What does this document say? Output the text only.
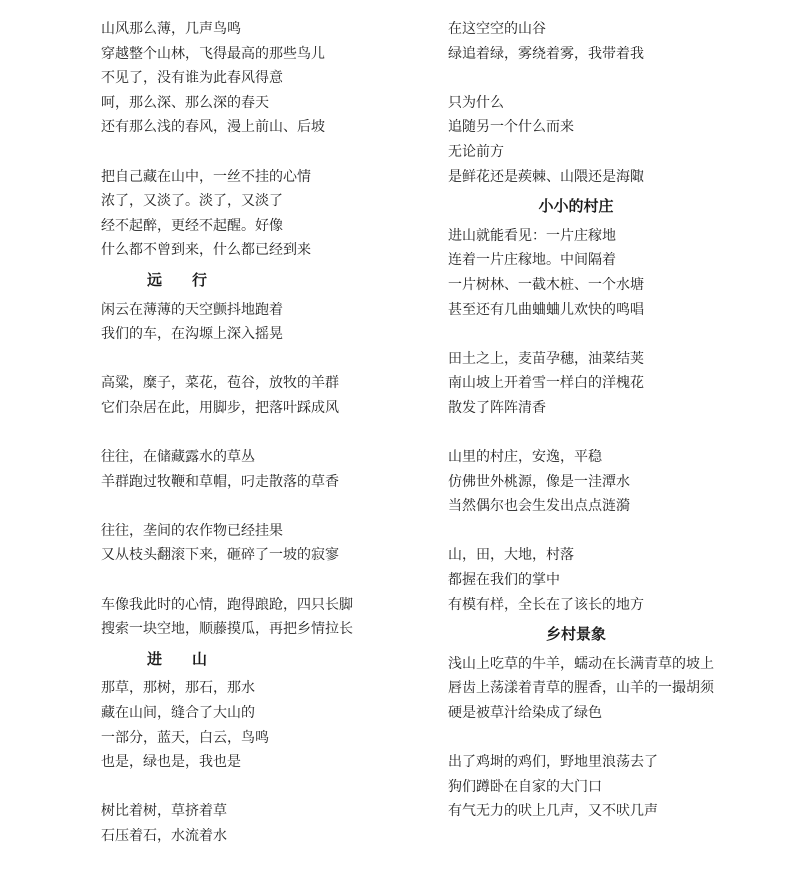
山风那么薄，几声鸟鸣
穿越整个山林，飞得最高的那些鸟儿
不见了，没有谁为此春风得意
呵，那么深、那么深的春天
还有那么浅的春风，漫上前山、后坡
把自己藏在山中，一丝不挂的心情
浓了，又淡了。淡了，又淡了
经不起醉，更经不起醒。好像
什么都不曾到来，什么都已经到来
远　　行
闲云在薄薄的天空颤抖地跑着
我们的车，在沟塬上深入摇晃
高粱，糜子，菜花，苞谷，放牧的羊群
它们杂居在此，用脚步，把落叶踩成风
往往，在储藏露水的草丛
羊群跑过牧鞭和草帽，叼走散落的草香
往往，垄间的农作物已经挂果
又从枝头翻滚下来，砸碎了一坡的寂寥
车像我此时的心情，跑得踉跄，四只长脚
搜索一块空地，顺藤摸瓜，再把乡情拉长
进　　山
那草，那树，那石，那水
藏在山间，缝合了大山的
一部分，蓝天，白云，鸟鸣
也是，绿也是，我也是
树比着树，草挤着草
石压着石，水流着水
在这空空的山谷
绿追着绿，雾绕着雾，我带着我
只为什么
追随另一个什么而来
无论前方
是鲜花还是蒺棘、山隈还是海陬
小小的村庄
进山就能看见：一片庄稼地
连着一片庄稼地。中间隔着
一片树林、一截木桩、一个水塘
甚至还有几曲蛐蛐儿欢快的鸣唱
田土之上，麦苗孕穗，油菜结荚
南山坡上开着雪一样白的洋槐花
散发了阵阵清香
山里的村庄，安逸，平稳
仿佛世外桃源，像是一洼潭水
当然偶尔也会生发出点点涟漪
山，田，大地，村落
都握在我们的掌中
有模有样，全长在了该长的地方
乡村景象
浅山上吃草的牛羊，蠕动在长满青草的坡上
唇齿上荡漾着青草的腥香，山羊的一撮胡须
硬是被草汁给染成了绿色
出了鸡埘的鸡们，野地里浪荡去了
狗们蹲卧在自家的大门口
有气无力的吠上几声，又不吠几声
